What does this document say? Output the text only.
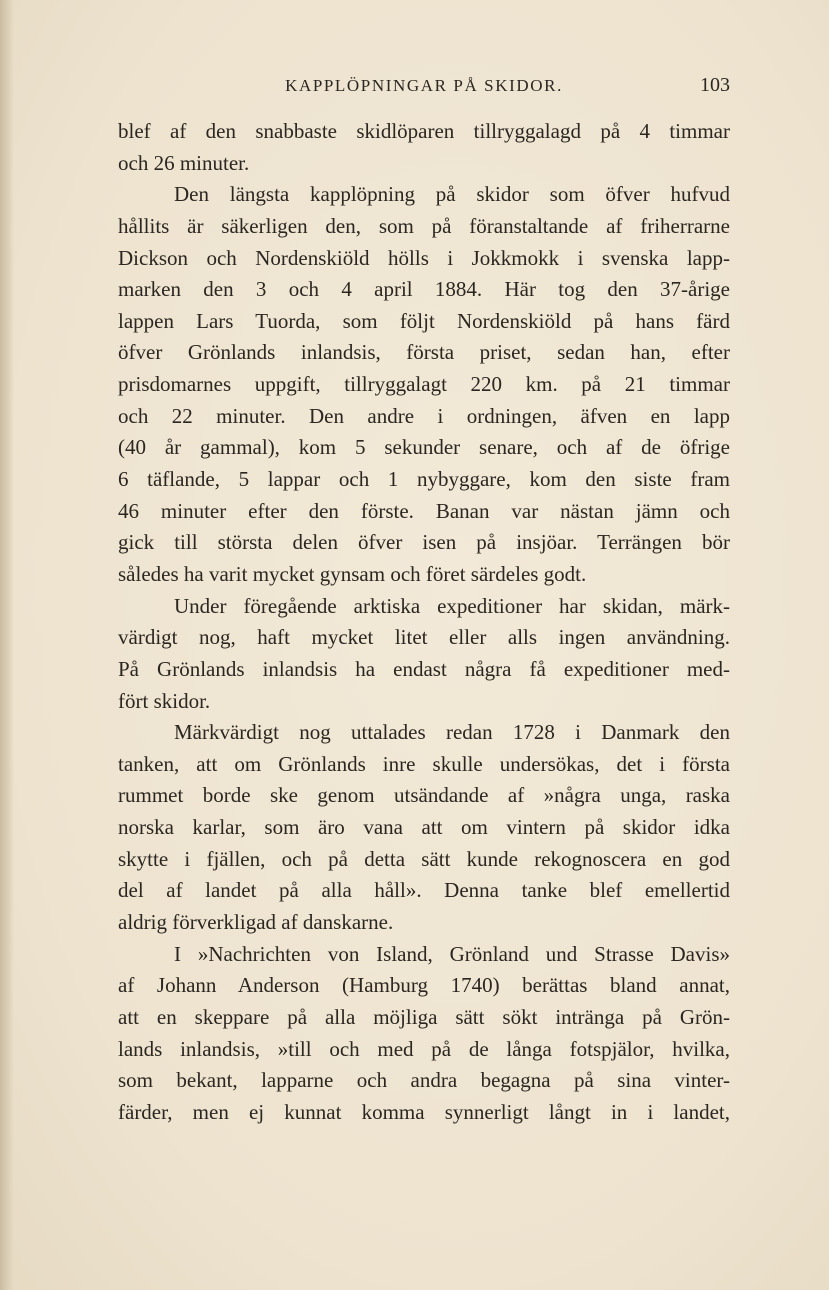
KAPPLÖPNINGAR PÅ SKIDOR.	103
blef af den snabbaste skidlöparen tillryggalagd på 4 timmar
och 26 minuter.
Den längsta kapplöpning på skidor som öfver hufvud
hållits är säkerligen den, som på föranstaltande af friherrarne
Dickson och Nordenskiöld hölls i Jokkmokk i svenska lapp-
marken den 3 och 4 april 1884. Här tog den 37-årige
lappen Lars Tuorda, som följt Nordenskiöld på hans färd
öfver Grönlands inlandsis, första priset, sedan han, efter
prisdomarnes uppgift, tillryggalagt 220 km. på 21 timmar
och 22 minuter. Den andre i ordningen, äfven en lapp
(40 år gammal), kom 5 sekunder senare, och af de öfrige
6 täflande, 5 lappar och 1 nybyggare, kom den siste fram
46 minuter efter den förste. Banan var nästan jämn och
gick till största delen öfver isen på insjöar. Terrängen bör
således ha varit mycket gynsam och föret särdeles godt.
Under föregående arktiska expeditioner har skidan, märk-
värdigt nog, haft mycket litet eller alls ingen användning.
På Grönlands inlandsis ha endast några få expeditioner med-
fört skidor.
Märkvärdigt nog uttalades redan 1728 i Danmark den
tanken, att om Grönlands inre skulle undersökas, det i första
rummet borde ske genom utsändande af »några unga, raska
norska karlar, som äro vana att om vintern på skidor idka
skytte i fjällen, och på detta sätt kunde rekognoscera en god
del af landet på alla håll». Denna tanke blef emellertid
aldrig förverkligad af danskarne.
I »Nachrichten von Island, Grönland und Strasse Davis»
af Johann Anderson (Hamburg 1740) berättas bland annat,
att en skeppare på alla möjliga sätt sökt intränga på Grön-
lands inlandsis, »till och med på de långa fotspjälor, hvilka,
som bekant, lapparne och andra begagna på sina vinter-
färder, men ej kunnat komma synnerligt långt in i landet,
